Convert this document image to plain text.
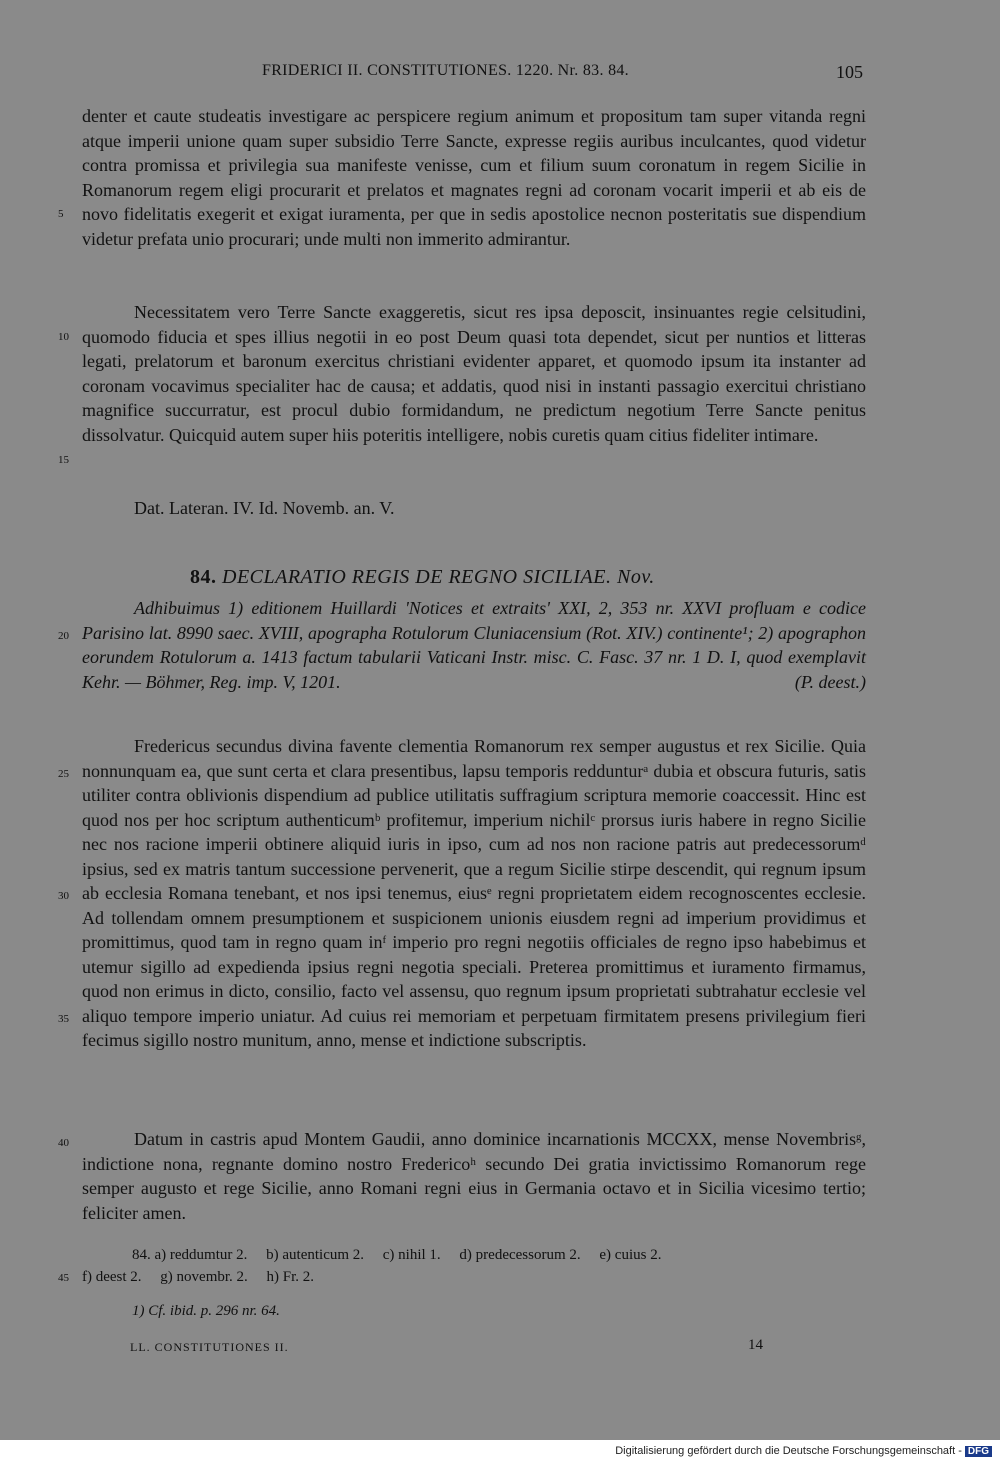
FRIDERICI II. CONSTITUTIONES. 1220. Nr. 83. 84.	105
5
10
15
20
25
30
35
40
45

denter et caute studeatis investigare ac perspicere regium animum et propositum tam super vitanda regni atque imperii unione quam super subsidio Terre Sancte, expresse regiis auribus inculcantes, quod videtur contra promissa et privilegia sua manifeste venisse, cum et filium suum coronatum in regem Sicilie in Romanorum regem eligi procurarit et prelatos et magnates regni ad coronam vocarit imperii et ab eis de novo fidelitatis exegerit et exigat iuramenta, per que in sedis apostolice necnon posteritatis sue dispendium videtur prefata unio procurari; unde multi non immerito admirantur.

Necessitatem vero Terre Sancte exaggeretis, sicut res ipsa deposcit, insinuantes regie celsitudini, quomodo fiducia et spes illius negotii in eo post Deum quasi tota dependet, sicut per nuntios et litteras legati, prelatorum et baronum exercitus christiani evidenter apparet, et quomodo ipsum ita instanter ad coronam vocavimus specialiter hac de causa; et addatis, quod nisi in instanti passagio exercitui christiano magnifice succurratur, est procul dubio formidandum, ne predictum negotium Terre Sancte penitus dissolvatur. Quicquid autem super hiis poteritis intelligere, nobis curetis quam citius fideliter intimare.

Dat. Lateran. IV. Id. Novemb. an. V.

84. DECLARATIO REGIS DE REGNO SICILIAE. Nov.

Adhibuimus 1) editionem Huillardi 'Notices et extraits' XXI, 2, 353 nr. XXVI profluam e codice Parisino lat. 8990 saec. XVIII, apographa Rotulorum Cluniacensium (Rot. XIV.) continente¹; 2) apographon eorundem Rotulorum a. 1413 factum tabularii Vaticani Instr. misc. C. Fasc. 37 nr. 1 D. I, quod exemplavit Kehr. — Böhmer, Reg. imp. V, 1201.	(P. deest.)

Fredericus secundus divina favente clementia Romanorum rex semper augustus et rex Sicilie. Quia nonnunquam ea, que sunt certa et clara presentibus, lapsu temporis reddunturᵃ dubia et obscura futuris, satis utiliter contra oblivionis dispendium ad publice utilitatis suffragium scriptura memorie coaccessit. Hinc est quod nos per hoc scriptum authenticumᵇ profitemur, imperium nichilᶜ prorsus iuris habere in regno Sicilie nec nos racione imperii obtinere aliquid iuris in ipso, cum ad nos non racione patris aut predecessorumᵈ ipsius, sed ex matris tantum successione pervenerit, que a regum Sicilie stirpe descendit, qui regnum ipsum ab ecclesia Romana tenebant, et nos ipsi tenemus, eiusᵉ regni proprietatem eidem recognoscentes ecclesie. Ad tollendam omnem presumptionem et suspicionem unionis eiusdem regni ad imperium providimus et promittimus, quod tam in regno quam inᶠ imperio pro regni negotiis officiales de regno ipso habebimus et utemur sigillo ad expedienda ipsius regni negotia speciali. Preterea promittimus et iuramento firmamus, quod non erimus in dicto, consilio, facto vel assensu, quo regnum ipsum proprietati subtrahatur ecclesie vel aliquo tempore imperio uniatur. Ad cuius rei memoriam et perpetuam firmitatem presens privilegium fieri fecimus sigillo nostro munitum, anno, mense et indictione subscriptis.

Datum in castris apud Montem Gaudii, anno dominice incarnationis MCCXX, mense Novembrisᵍ, indictione nona, regnante domino nostro Fredericoʰ secundo Dei gratia invictissimo Romanorum rege semper augusto et rege Sicilie, anno Romani regni eius in Germania octavo et in Sicilia vicesimo tertio; feliciter amen.

84. a) reddumtur 2.     b) autenticum 2.     c) nihil 1.     d) predecessorum 2.     e) cuius 2.

f) deest 2.     g) novembr. 2.     h) Fr. 2.

1) Cf. ibid. p. 296 nr. 64.
LL. CONSTITUTIONES II.	14
Digitalisierung gefördert durch die Deutsche Forschungsgemeinschaft - DFG
